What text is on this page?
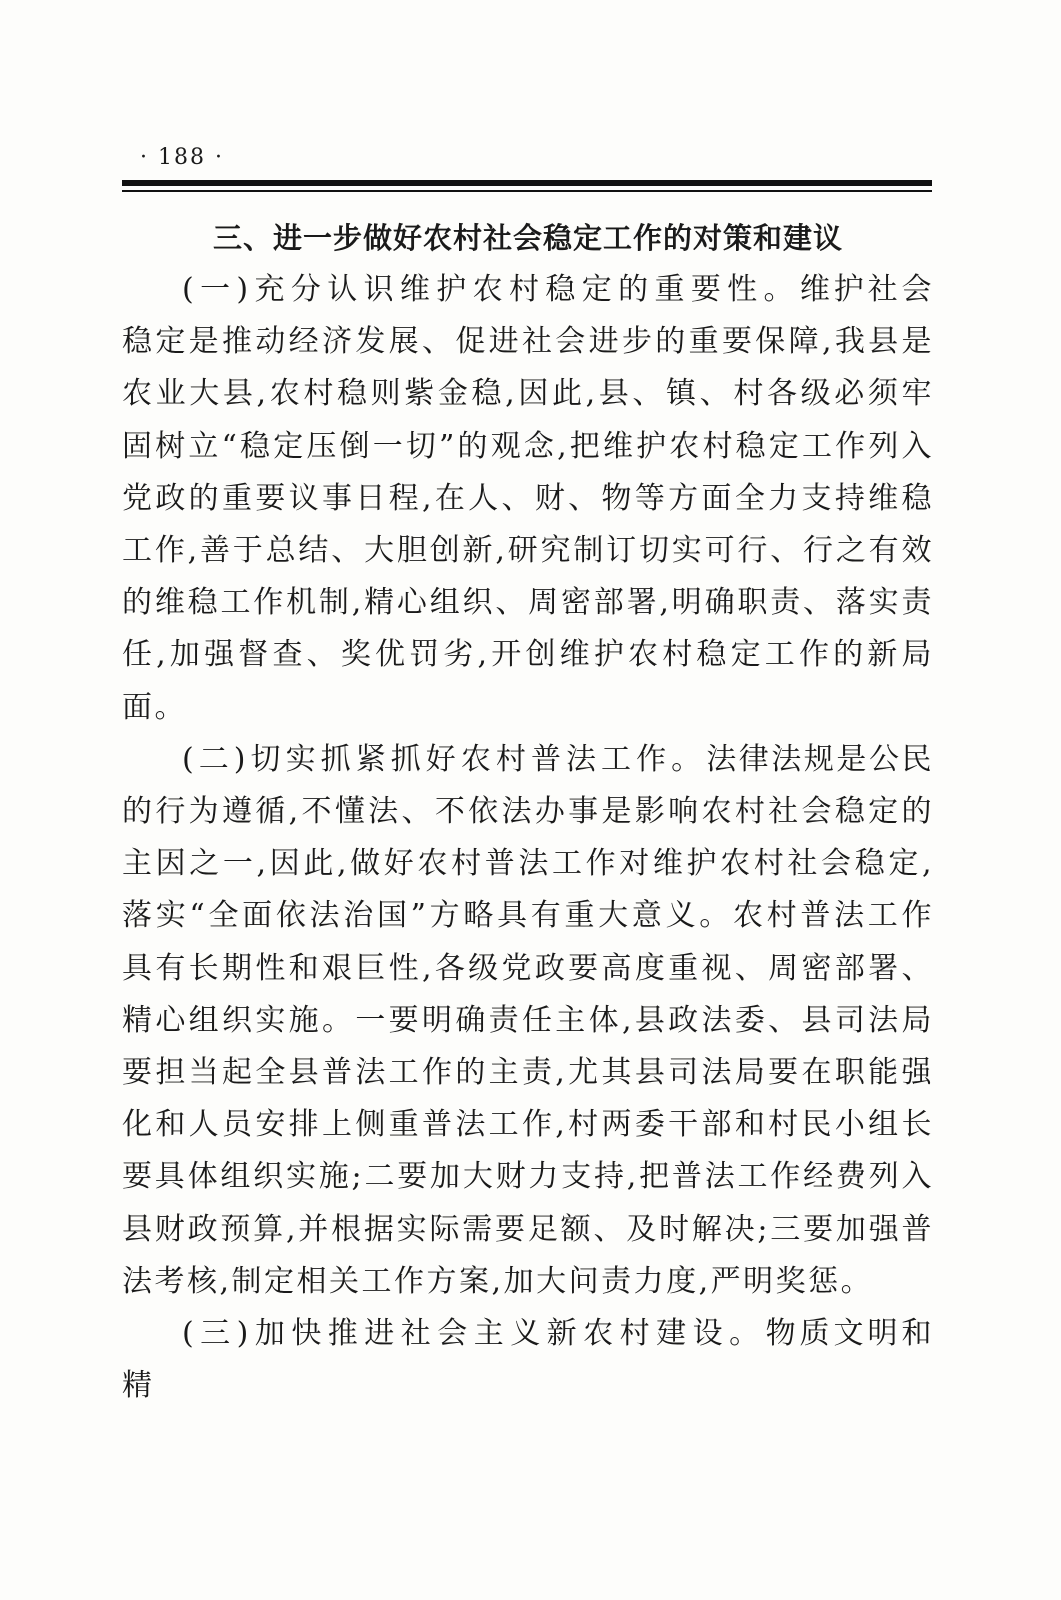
· 188 ·
三、进一步做好农村社会稳定工作的对策和建议

(一)充分认识维护农村稳定的重要性。维护社会稳定是推动经济发展、促进社会进步的重要保障,我县是农业大县,农村稳则紫金稳,因此,县、镇、村各级必须牢固树立“稳定压倒一切”的观念,把维护农村稳定工作列入党政的重要议事日程,在人、财、物等方面全力支持维稳工作,善于总结、大胆创新,研究制订切实可行、行之有效的维稳工作机制,精心组织、周密部署,明确职责、落实责任,加强督查、奖优罚劣,开创维护农村稳定工作的新局面。

(二)切实抓紧抓好农村普法工作。法律法规是公民的行为遵循,不懂法、不依法办事是影响农村社会稳定的主因之一,因此,做好农村普法工作对维护农村社会稳定,落实“全面依法治国”方略具有重大意义。农村普法工作具有长期性和艰巨性,各级党政要高度重视、周密部署、精心组织实施。一要明确责任主体,县政法委、县司法局要担当起全县普法工作的主责,尤其县司法局要在职能强化和人员安排上侧重普法工作,村两委干部和村民小组长要具体组织实施;二要加大财力支持,把普法工作经费列入县财政预算,并根据实际需要足额、及时解决;三要加强普法考核,制定相关工作方案,加大问责力度,严明奖惩。

(三)加快推进社会主义新农村建设。物质文明和精
